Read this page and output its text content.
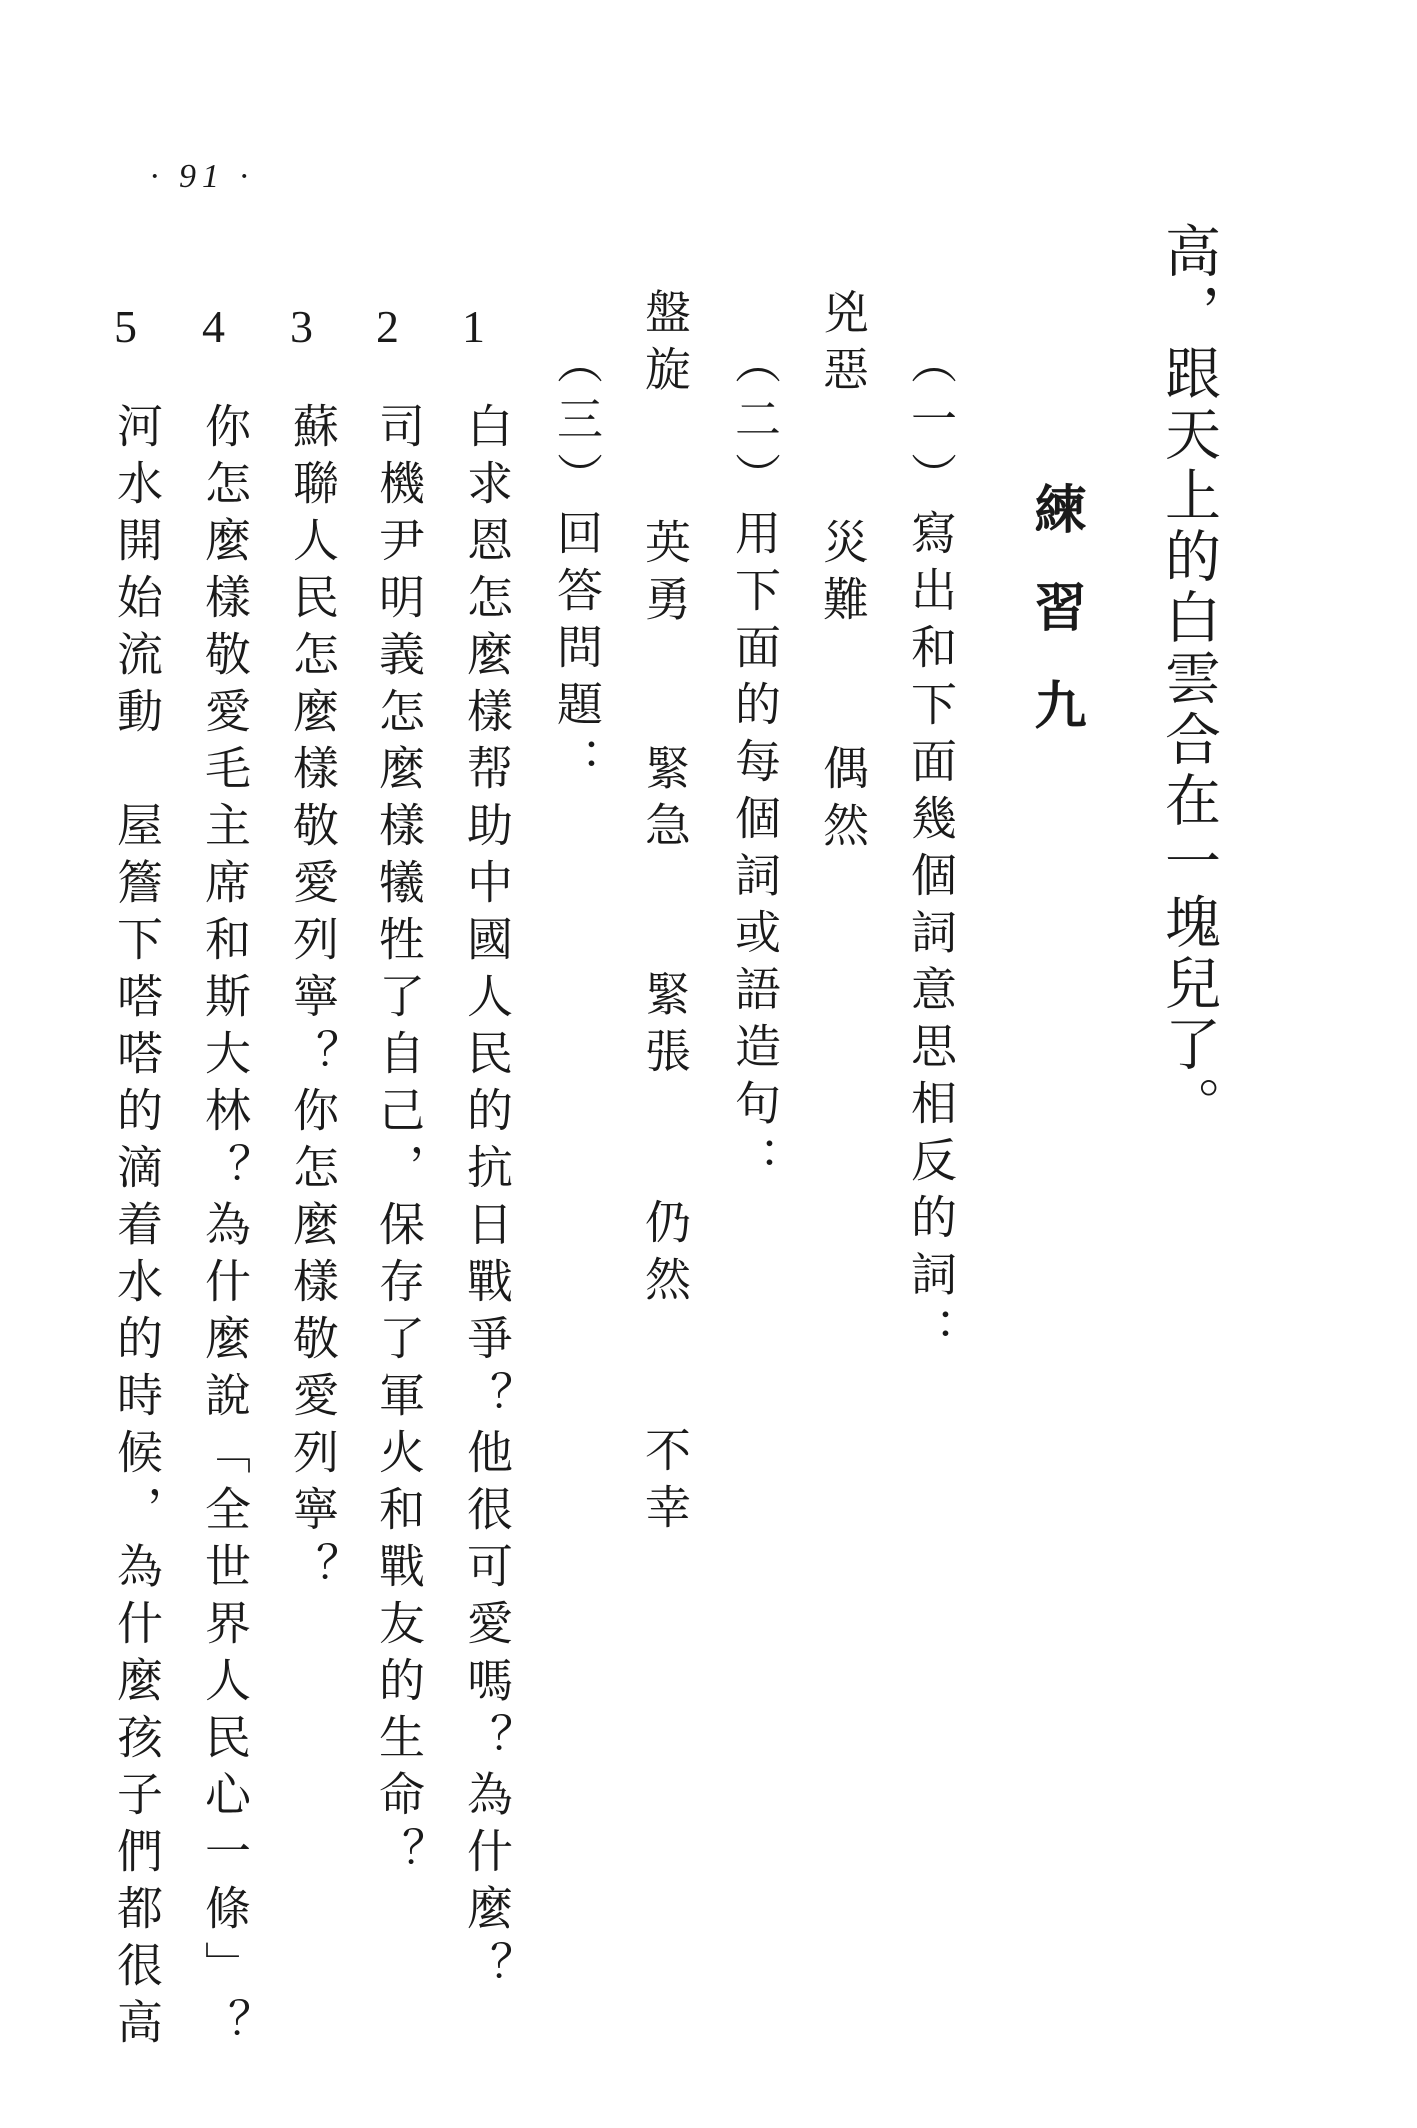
· 91 ·
高，跟天上的白雲合在一塊兒了。
練習九
（一）寫出和下面幾個詞意思相反的詞：
兇惡
災難
偶然
（二）用下面的每個詞或語造句：
盤旋
英勇
緊急
緊張
仍然
不幸
（三）回答問題：
1
白求恩怎麼樣帮助中國人民的抗日戰爭？他很可愛嗎？為什麼？
2
司機尹明義怎麼樣犧牲了自己，保存了軍火和戰友的生命？
3
蘇聯人民怎麼樣敬愛列寧？你怎麼樣敬愛列寧？
4
你怎麼樣敬愛毛主席和斯大林？為什麼說「全世界人民心一條」？
5
河水開始流動　屋簷下嗒嗒的滴着水的時候，為什麼孩子們都很高
